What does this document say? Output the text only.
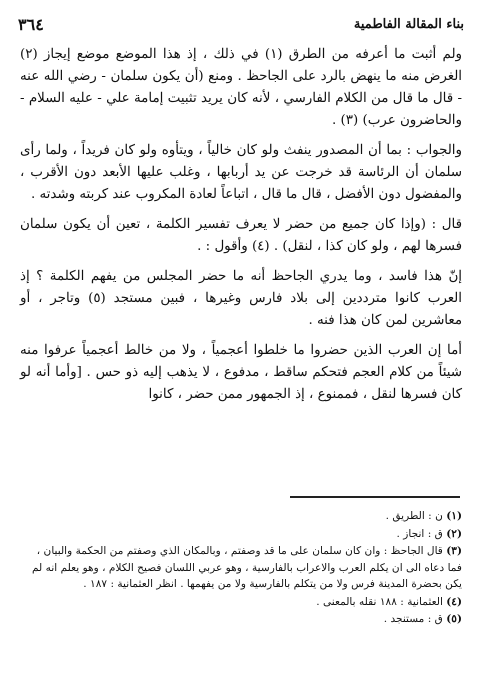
بناء المقالة الفاطمية
٣٦٤

ولم أثبت ما أعرفه من الطرق (١) في ذلك ، إذ هذا الموضع موضع إيجاز (٢) الغرض منه ما ينهض بالرد على الجاحظ . ومنع (أن يكون سلمان - رضي الله عنه - قال ما قال من الكلام الفارسي ، لأنه كان يريد تثبيت إمامة علي - عليه السلام - والحاضرون عرب) (٣) .

والجواب : بما أن المصدور ينفث ولو كان خالياً ، ويتأوه ولو كان فريداً ، ولما رأى سلمان أن الرئاسة قد خرجت عن يد أربابها ، وغلب عليها الأبعد دون الأقرب ، والمفضول دون الأفضل ، قال ما قال ، اتباعاً لعادة المكروب عند كربته وشدته .

قال : (وإذا كان جميع من حضر لا يعرف تفسير الكلمة ، تعين أن يكون سلمان فسرها لهم ، ولو كان كذا ، لنقل) . (٤) وأقول : .

إنّ هذا فاسد ، وما يدري الجاحظ أنه ما حضر المجلس من يفهم الكلمة ؟ إذ العرب كانوا مترددين إلى بلاد فارس وغيرها ، فبين مستجد (٥) وتاجر ، أو معاشرين لمن كان هذا فنه .

أما إن العرب الذين حضروا ما خلطوا أعجمياً ، ولا من خالط أعجمياً عرفوا منه شيئاً من كلام العجم فتحكم ساقط ، مدفوع ، لا يذهب إليه ذو حس . [وأما أنه لو كان فسرها لنقل ، فممنوع ، إذ الجمهور ممن حضر ، كانوا

(١) ن : الطريق .

(٢) ق : انجاز .

(٣) قال الجاحظ : وان كان سلمان على ما قد وصفتم ، وبالمكان الذي وصفتم من الحكمة والبيان ، فما دعاه الى ان يكلم العرب والاعراب بالفارسية ، وهو عربي اللسان فصيح الكلام ، وهو يعلم انه لم يكن بحضرة المدينة فرس ولا من يتكلم بالفارسية ولا من يفهمها . انظر العثمانية : ١٨٧ .

(٤) العثمانية : ١٨٨ نقله بالمعنى .

(٥) ق : مستنجد .
